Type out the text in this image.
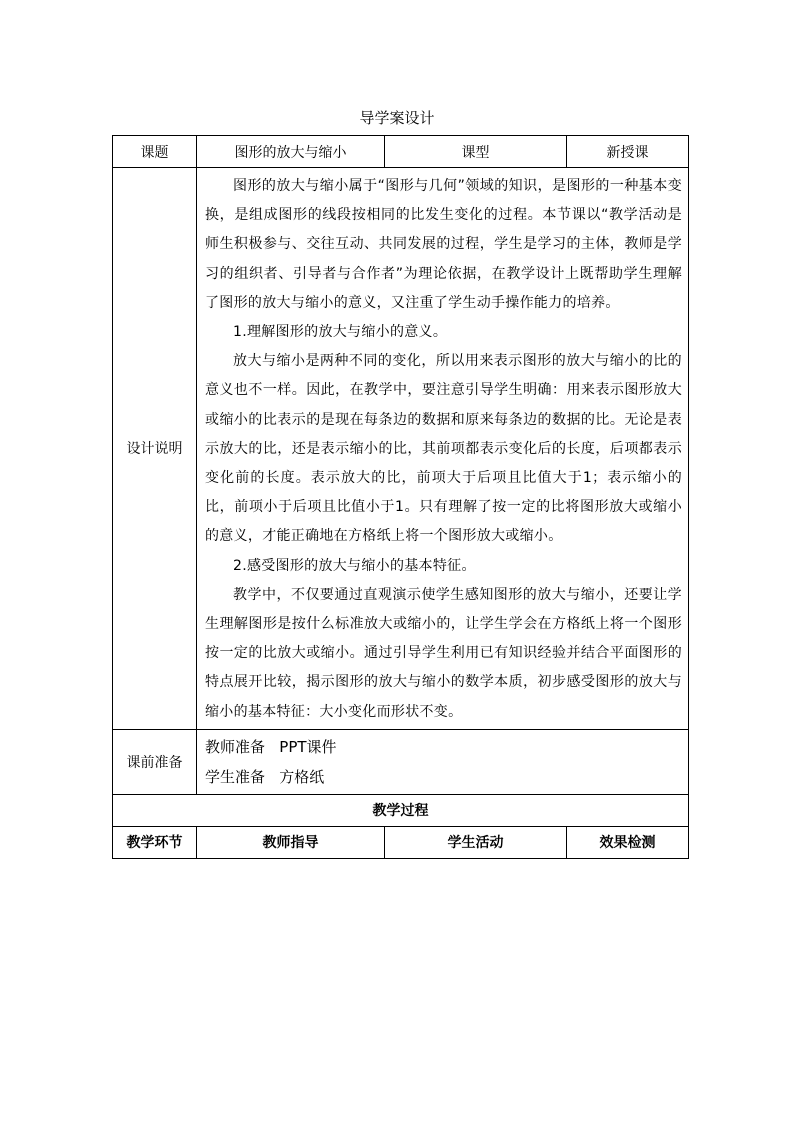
导学案设计
课题	图形的放大与缩小	课型	新授课
设计说明	图形的放大与缩小属于“图形与几何”领域的知识，是图形的一种基本变换，是组成图形的线段按相同的比发生变化的过程。本节课以“教学活动是师生积极参与、交往互动、共同发展的过程，学生是学习的主体，教师是学习的组织者、引导者与合作者”为理论依据，在教学设计上既帮助学生理解了图形的放大与缩小的意义，又注重了学生动手操作能力的培养。

1.理解图形的放大与缩小的意义。

放大与缩小是两种不同的变化，所以用来表示图形的放大与缩小的比的意义也不一样。因此，在教学中，要注意引导学生明确：用来表示图形放大或缩小的比表示的是现在每条边的数据和原来每条边的数据的比。无论是表示放大的比，还是表示缩小的比，其前项都表示变化后的长度，后项都表示变化前的长度。表示放大的比，前项大于后项且比值大于1；表示缩小的比，前项小于后项且比值小于1。只有理解了按一定的比将图形放大或缩小的意义，才能正确地在方格纸上将一个图形放大或缩小。

2.感受图形的放大与缩小的基本特征。

教学中，不仅要通过直观演示使学生感知图形的放大与缩小，还要让学生理解图形是按什么标准放大或缩小的，让学生学会在方格纸上将一个图形按一定的比放大或缩小。通过引导学生利用已有知识经验并结合平面图形的特点展开比较，揭示图形的放大与缩小的数学本质，初步感受图形的放大与缩小的基本特征：大小变化而形状不变。		

课前准备	教师准备   PPT课件
学生准备   方格纸		

教学过程			
教学环节	教师指导	学生活动	效果检测
